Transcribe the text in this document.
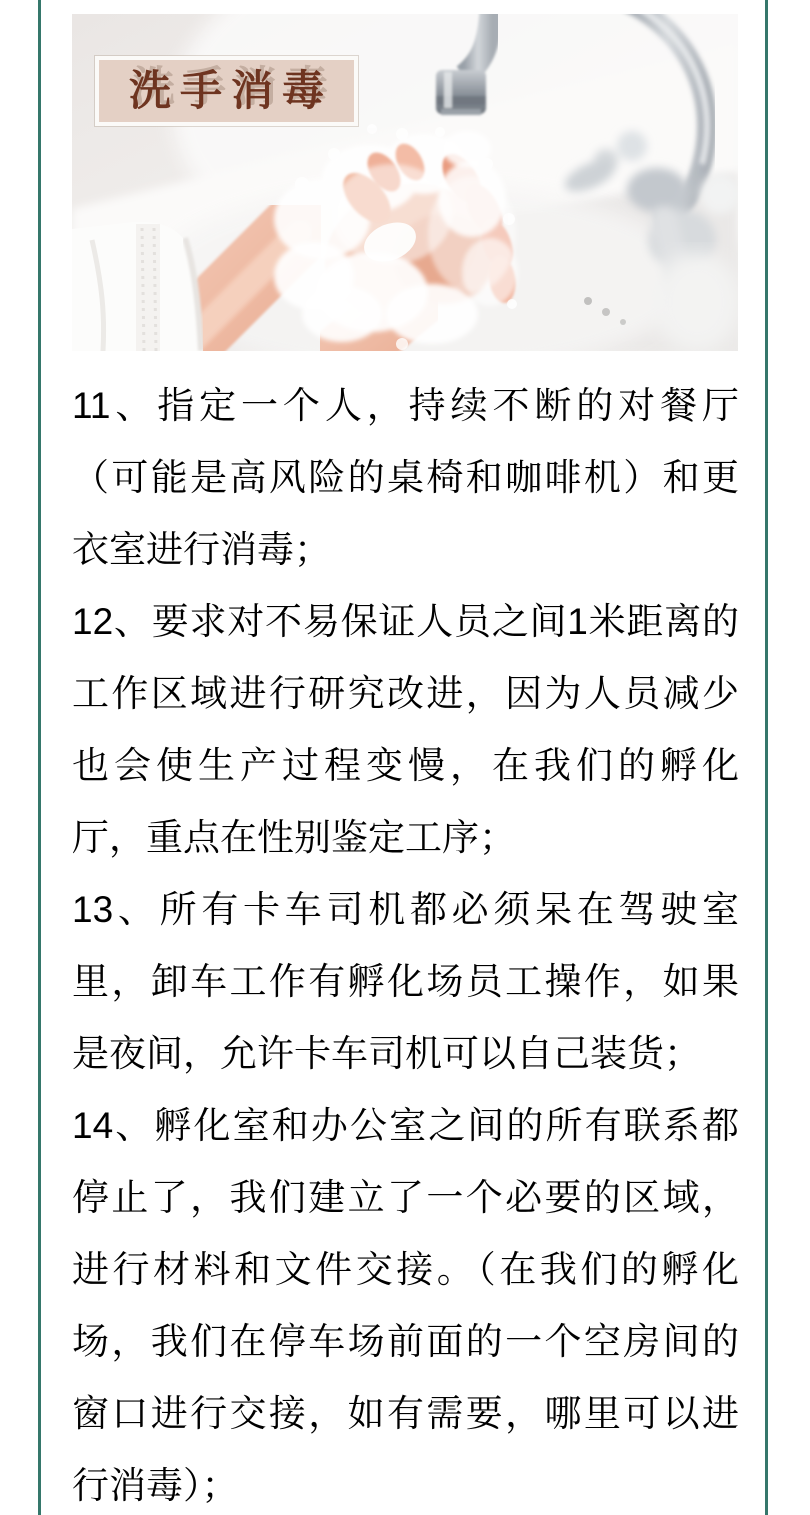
洗手消毒

11、指定一个人，持续不断的对餐厅

（可能是高风险的桌椅和咖啡机）和更

衣室进行消毒；

12、要求对不易保证人员之间1米距离的

工作区域进行研究改进，因为人员减少

也会使生产过程变慢，在我们的孵化

厅，重点在性别鉴定工序；

13、所有卡车司机都必须呆在驾驶室

里，卸车工作有孵化场员工操作，如果

是夜间，允许卡车司机可以自己装货；

14、孵化室和办公室之间的所有联系都

停止了，我们建立了一个必要的区域，

进行材料和文件交接。（在我们的孵化

场，我们在停车场前面的一个空房间的

窗口进行交接，如有需要，哪里可以进

行消毒）；
